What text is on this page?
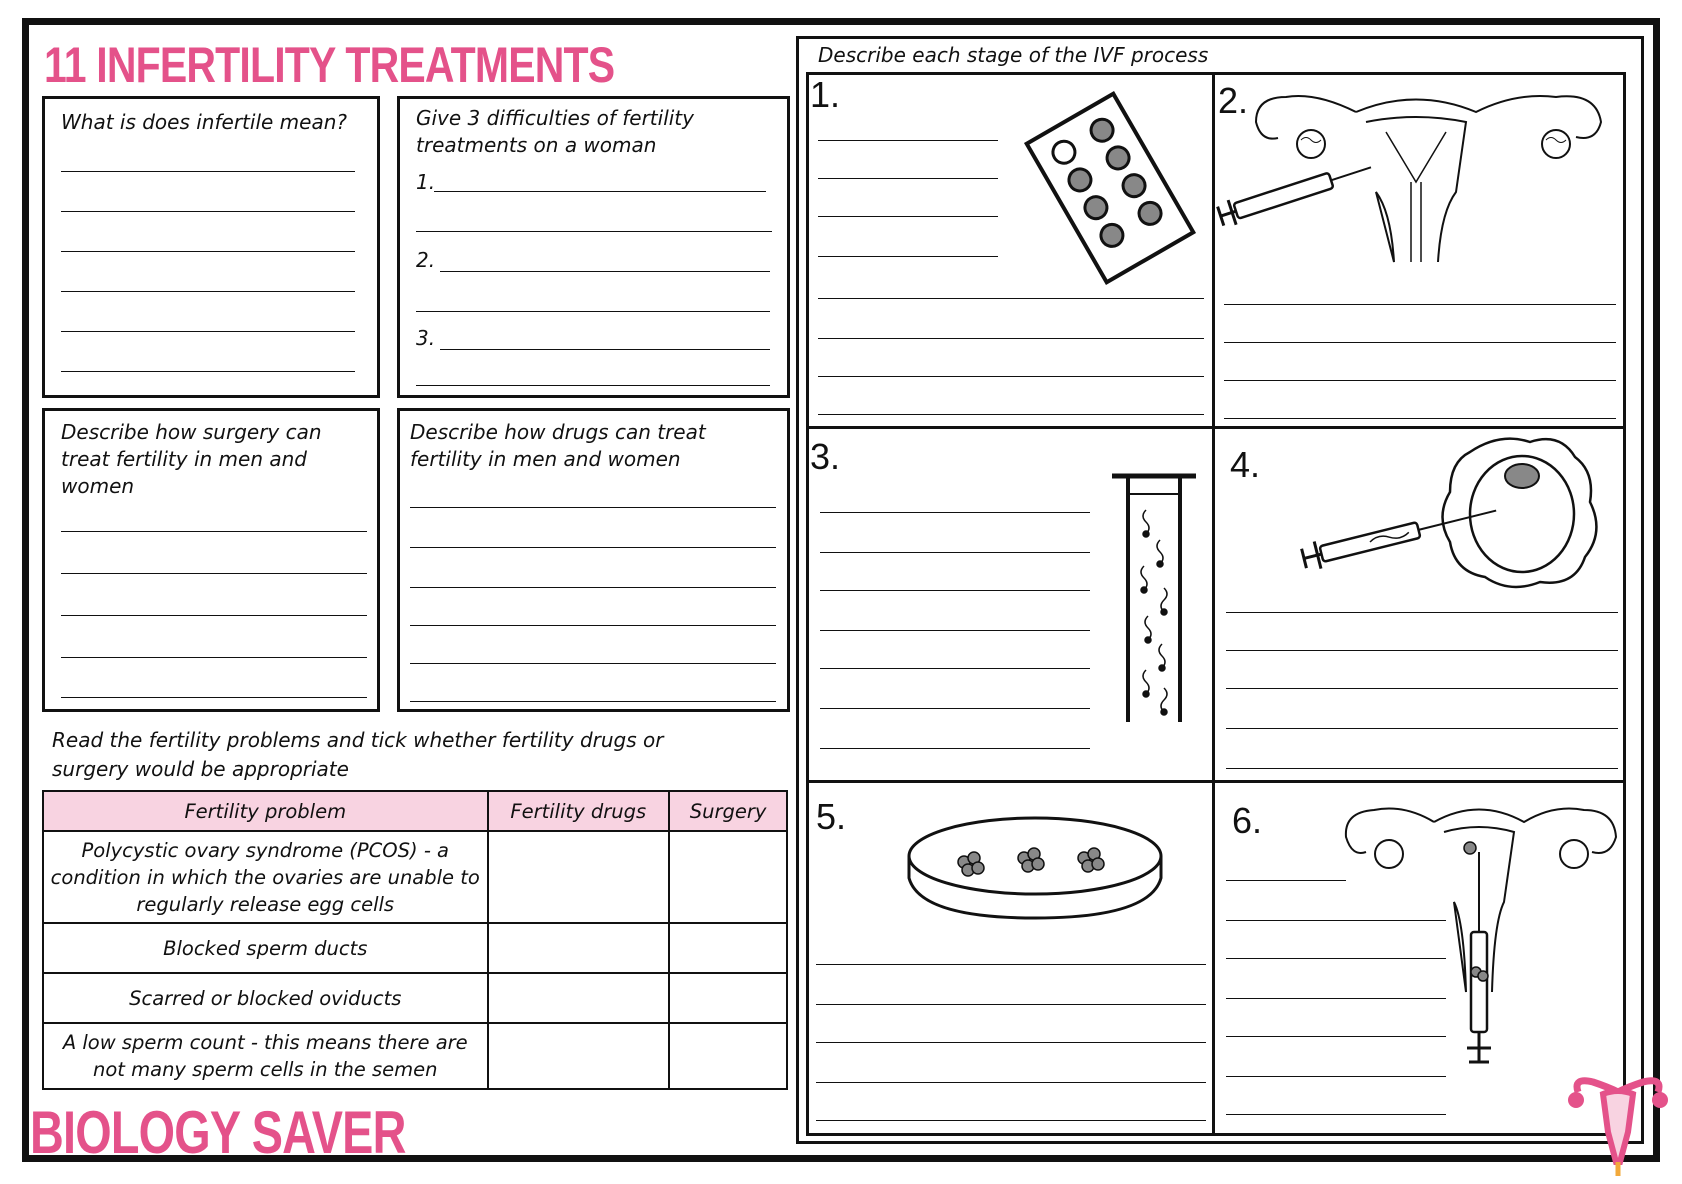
11 INFERTILITY TREATMENTS
What is does infertile mean?	Give 3 difficulties of fertility treatments on a woman
1.
2.
3.
Describe how surgery can treat fertility in men and women
Describe how drugs can treat fertility in men and women
Read the fertility problems and tick whether fertility drugs or surgery would be appropriate
Fertility problem	Fertility drugs	Surgery
Polycystic ovary syndrome (PCOS) - a condition in which the ovaries are unable to regularly release egg cells		
Blocked sperm ducts		
Scarred or blocked oviducts		
A low sperm count - this means there are not many sperm cells in the semen		
BIOLOGY SAVER
Describe each stage of the IVF process
1.	2.
3.	4.
5.	6.
